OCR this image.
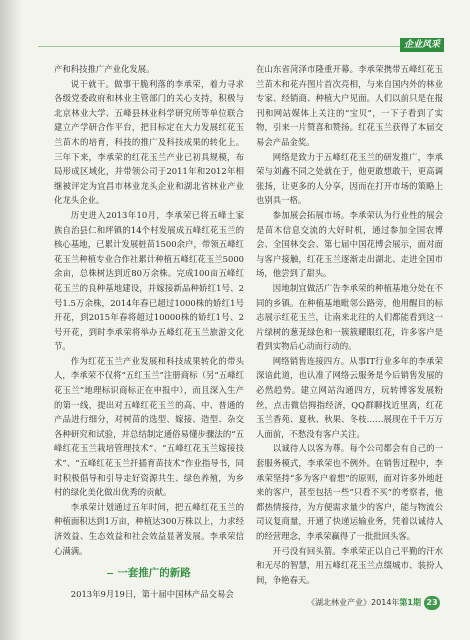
企业风采

产和科技推广产业化发展。

说干就干。做事干脆利落的李承荣，着力寻求各级党委政府和林业主管部门的关心支持，积极与北京林业大学、五峰县林业科学研究所等单位联合建立产学研合作平台，把目标定在大力发展红花玉兰苗木的培育，科技的推广及科技成果的转化上。三年下来，李承荣的红花玉兰产业已初具规模，布局形成区域化，并带领公司于2011年和2012年相继被评定为宜昌市林业龙头企业和湖北省林业产业化龙头企业。

历史进入2013年10月，李承荣已将五峰土家族自治县仁和坪镇的14个村发展成五峰红花玉兰的核心基地，已累计发展桩苗1500余户，带领五峰红花玉兰种植专业合作社累计种植五峰红花玉兰5000余亩，总株树达到近80万余株。完成100亩五峰红花玉兰的良种基地建设，并嫁接新品种娇红1号、2号1.5万余株，2014年春已超过1000株的娇红1号开花，到2015年春将超过10000株的娇红1号、2号开花，到时李承荣将举办五峰红花玉兰旅游文化节。

作为红花玉兰产业发展和科技成果转化的带头人，李承荣不仅将“五红玉兰”注册商标（另“五峰红花玉兰”地理标识商标正在申报中），而且深入生产的第一线，提出对五峰红花玉兰的高、中、普通的产品进行细分，对树苗的选型、嫁接、造型、杂交各种研究和试验，并总结制定通俗易懂步骤法的“五峰红花玉兰栽培管理技术”、“五峰红花玉兰嫁接技术”、“五峰红花玉兰扦插育苗技术”作业指导书，同时积极倡导和引导走好资源共生、绿色养殖，为乡村的绿化美化做出优秀的贡献。

李承荣计划通过五年时间，把五峰红花玉兰的种植面积达到1万亩，种植达300万株以上，力求经济效益、生态效益和社会效益显著发展。李承荣信心满满。

一套推广的新路

2013年9月19日，第十届中国林产品交易会

在山东省菏泽市隆重开幕。李承荣携带五峰红花玉兰苗木和花卉图片首次亮相，与来自国内外的林业专家、经销商、种植大户见面。人们以前只是在报刊和网站媒体上关注的“宝贝”，一下子看到了实物，引来一片赞喜和赞扬。红花玉兰获得了本届交易会产品金奖。

网络是致力于五峰红花玉兰的研发推广，李承荣与刘鑫不同之处就在于，他更敢想敢干，更高调张扬，让更多的人分享，因而在打开市场的策略上也别具一格。

参加展会拓展市场。李承荣认为行业性的展会是苗木信息交流的大好时机，通过参加全国农博会、全国林交会、第七届中国花博会展示，面对面与客户接触，红花玉兰逐渐走出湖北、走进全国市场，他尝到了甜头。

因地制宜做活广告李承荣的种植基地分处在不同的乡镇。在种植基地毗邻公路旁，他用醒目的标志展示红花玉兰，让南来北往的人们都能看到这一片绿树的葱茏绿色和一簇簇耀眼红花，许多客户是看到实物后心动而行动的。

网络销售连接四方。从事IT行业多年的李承荣深谙此道，也认准了网络云服务是今后销售发展的必然趋势。建立网站沟通四方，玩转博客发展粉丝，点击微信拇指经济，QQ群聊找近里离，红花玉兰香苑、夏秋、秋果、冬枝……展现在千千万万人面前，不愁没有客户关注。

以诚待人以客为尊。每个公司都会有自己的一套服务模式，李承荣也不例外。在销售过程中，李承荣坚持“多为客户着想”的原则，面对许多外地赶来的客户，甚至包括一些“只看不买”的考察者，他都热情接待，为方便需求量少的客户，能与物流公司议复商量，开通了快递运输业务，凭着以诚待人的经营理念，李承荣赢得了一批批回头客。

开弓没有回头箭。李承荣正以自己平勤的汗水和无尽的智慧，用五峰红花玉兰点缀城市、装扮人间，争艳春天。

《湖北林业产业》2014年第1期 23
